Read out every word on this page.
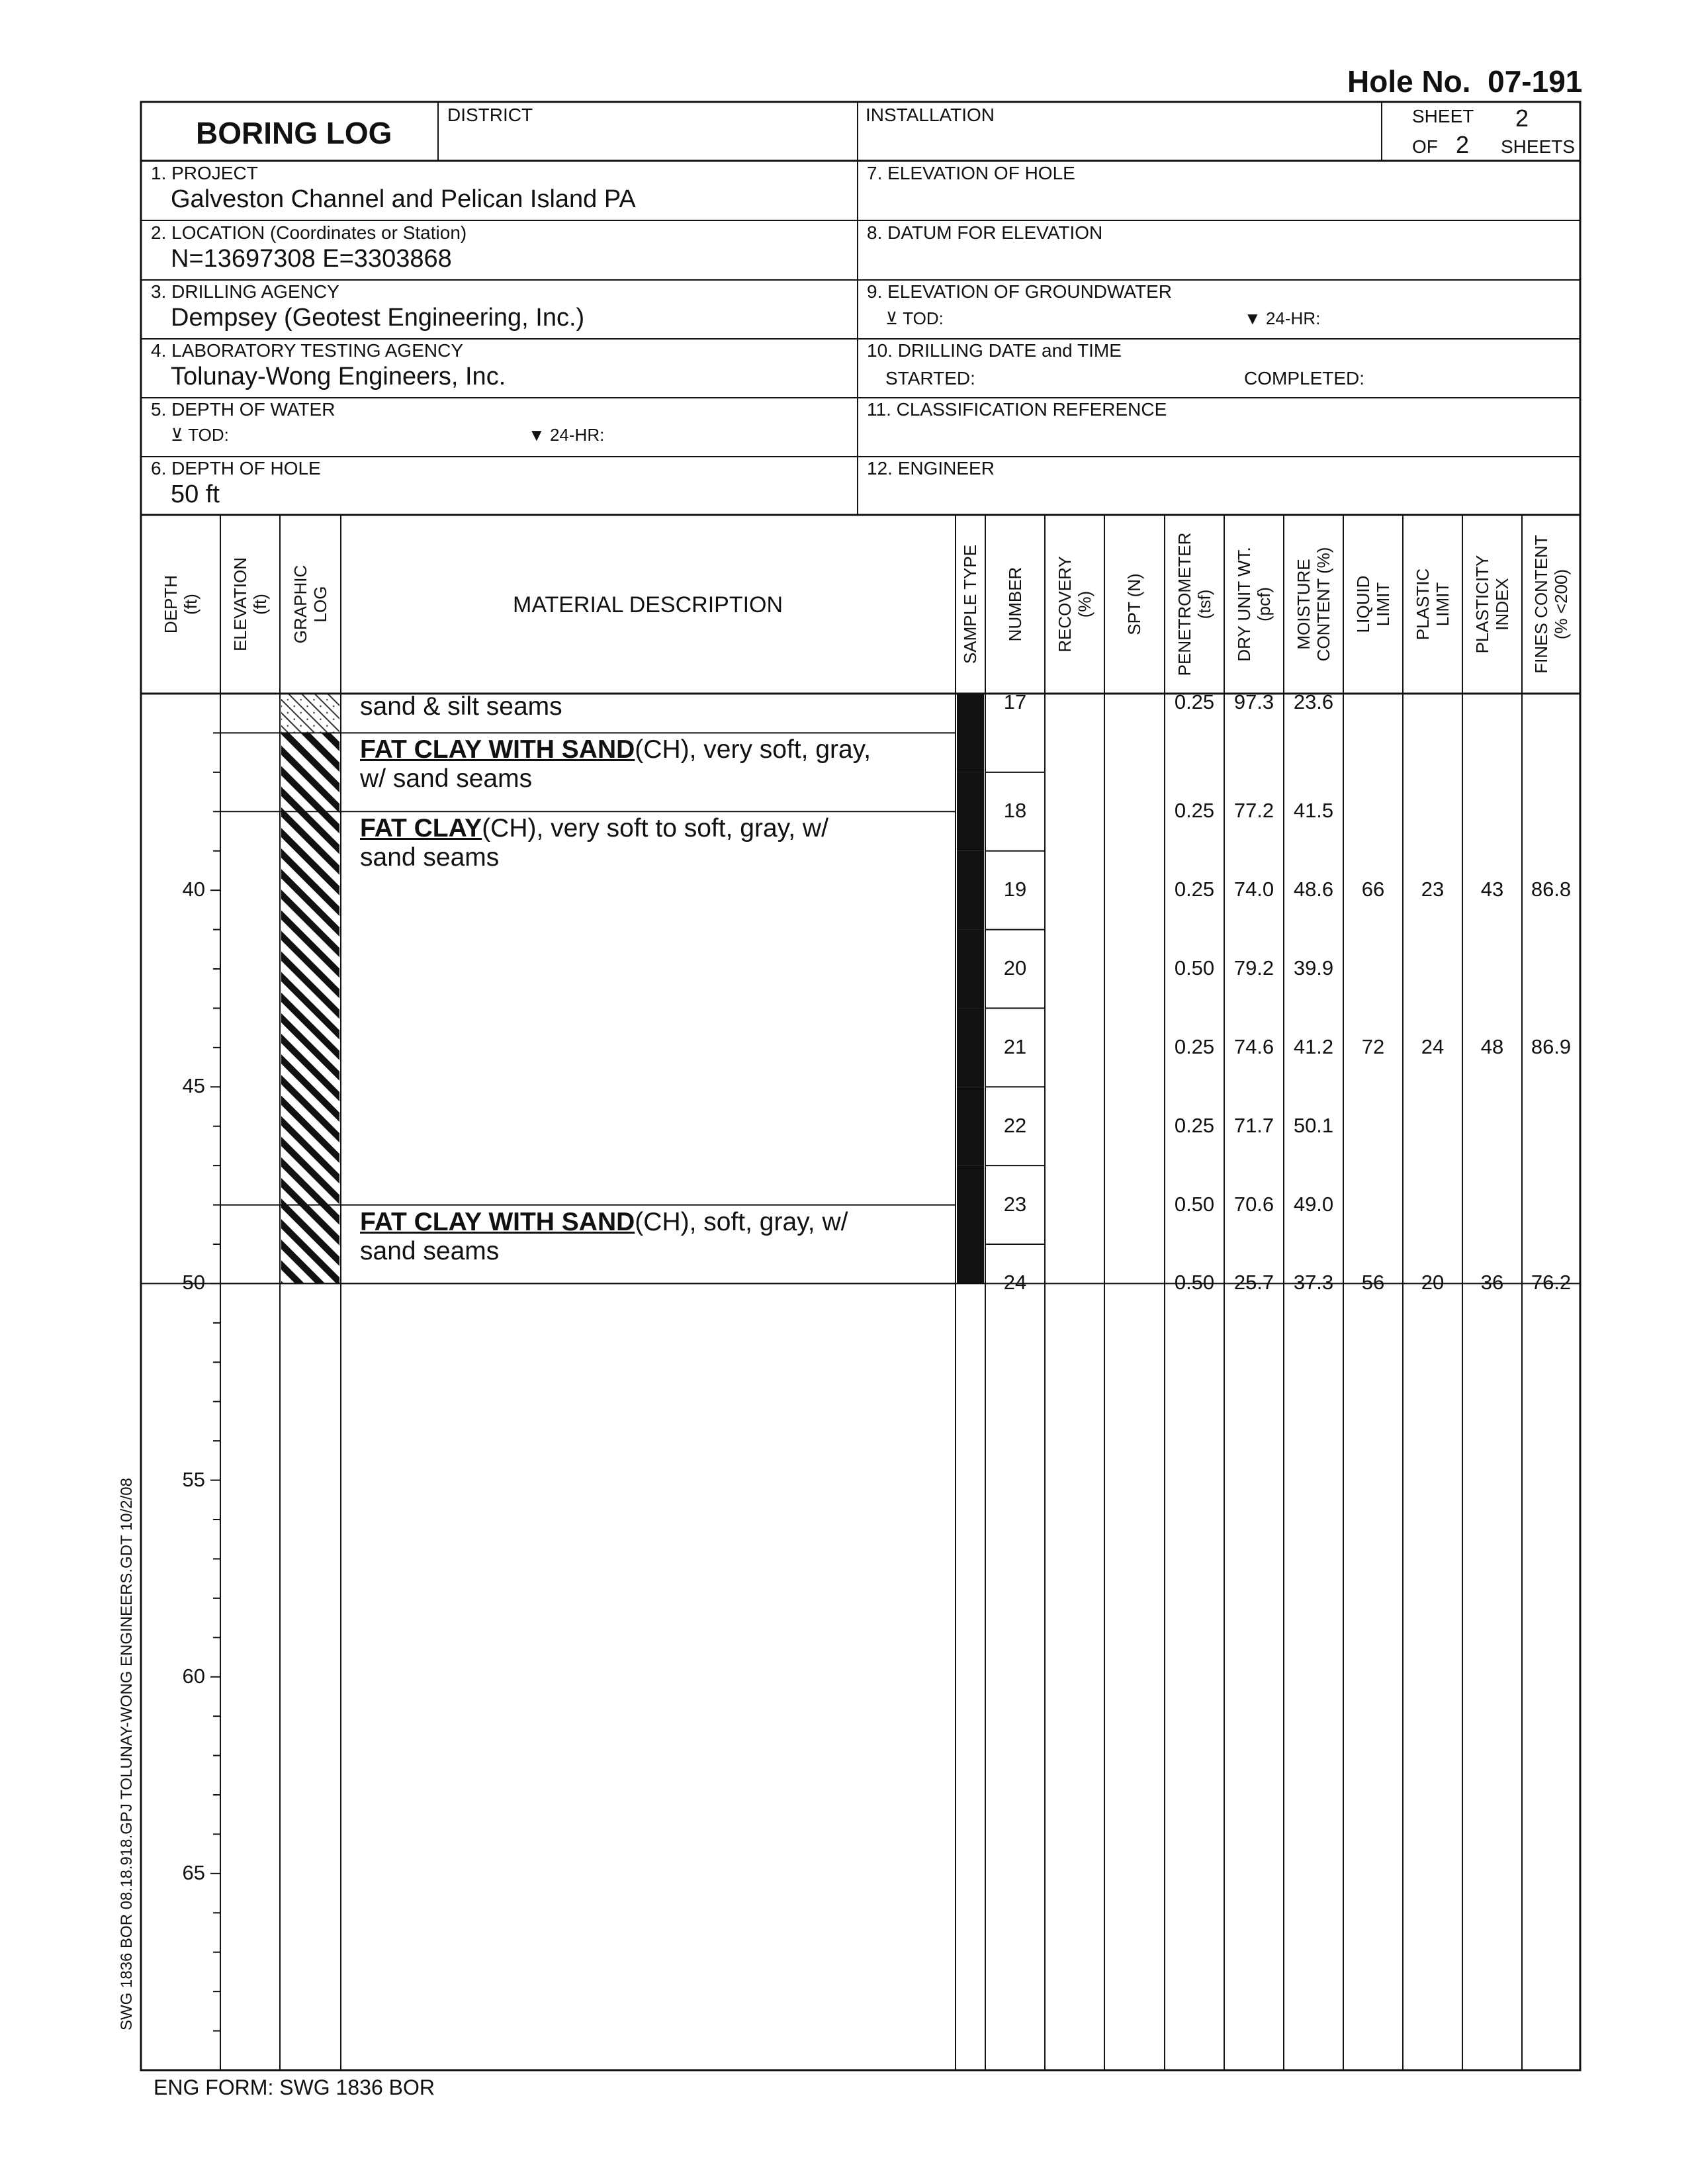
Hole No. 07-191
BORING LOG
DISTRICT	INSTALLATION	SHEET 2
OF 2 SHEETS
1. PROJECT
Galveston Channel and Pelican Island PA
2. LOCATION (Coordinates or Station)
N=13697308 E=3303868
3. DRILLING AGENCY
Dempsey (Geotest Engineering, Inc.)
4. LABORATORY TESTING AGENCY
Tolunay-Wong Engineers, Inc.
5. DEPTH OF WATER
⊻ TOD:	▼ 24-HR:
6. DEPTH OF HOLE
50 ft
7. ELEVATION OF HOLE
8. DATUM FOR ELEVATION
9. ELEVATION OF GROUNDWATER
⊻ TOD:	▼ 24-HR:
10. DRILLING DATE and TIME
STARTED:	COMPLETED:
11. CLASSIFICATION REFERENCE
12. ENGINEER
DEPTH
(ft) ELEVATION
(ft) GRAPHIC
LOG	MATERIAL DESCRIPTION	SAMPLE TYPE NUMBER RECOVERY
(%) SPT (N) PENETROMETER
(tsf) DRY UNIT WT.
(pcf) MOISTURE
CONTENT (%) LIQUID
LIMIT PLASTIC
LIMIT PLASTICITY
INDEX FINES CONTENT
(% <200)
40
45
50
55
60
65
sand & silt seams
FAT CLAY WITH SAND(CH), very soft, gray,
w/ sand seams
FAT CLAY(CH), very soft to soft, gray, w/
sand seams
FAT CLAY WITH SAND(CH), soft, gray, w/
sand seams
17	0.25 97.3 23.6
18	0.25 77.2 41.5
19	0.25 74.0 48.6	66	23	43	86.8
20	0.50 79.2 39.9
21	0.25 74.6 41.2	72	24	48	86.9
22	0.25 71.7 50.1
23	0.50 70.6 49.0
24	0.50 25.7 37.3	56	20	36	76.2
ENG FORM: SWG 1836 BOR
SWG 1836 BOR 08.18.918.GPJ TOLUNAY-WONG ENGINEERS.GDT 10/2/08
